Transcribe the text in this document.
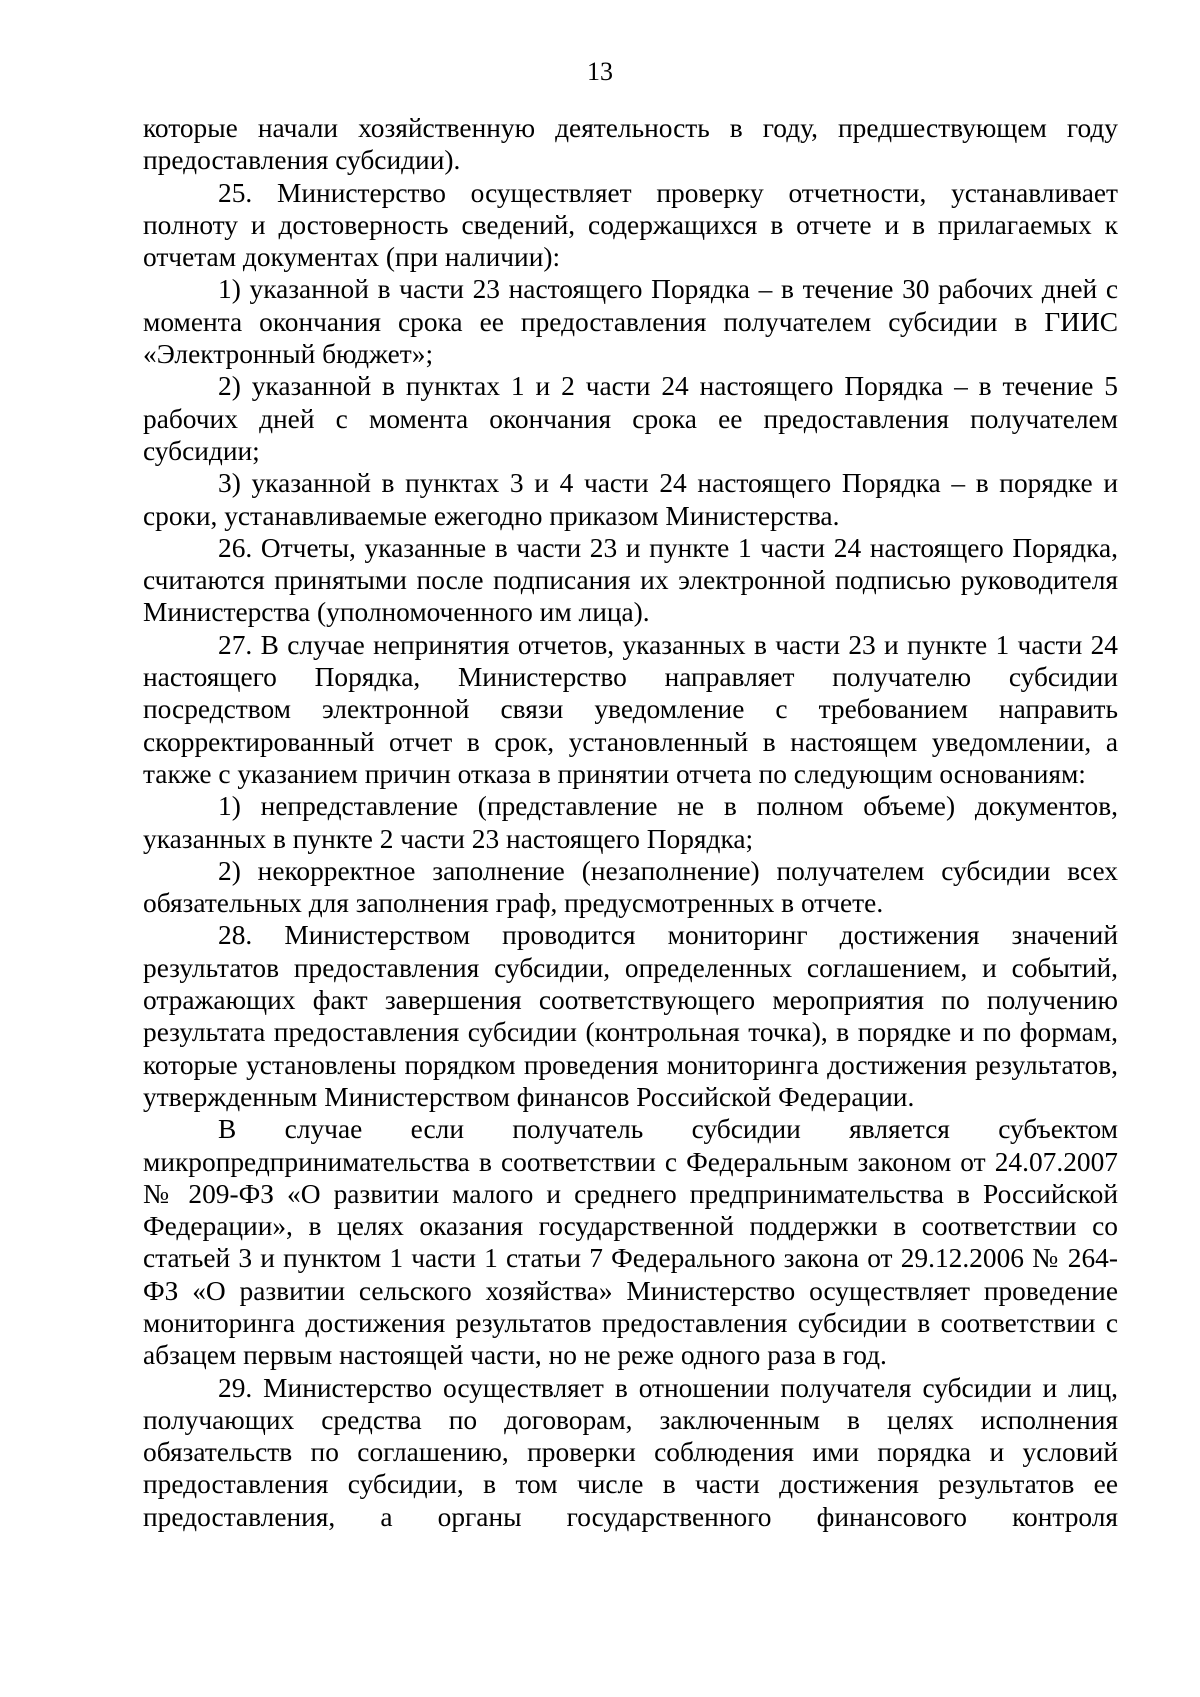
13

которые начали хозяйственную деятельность в году, предшествующем году предоставления субсидии).

25. Министерство осуществляет проверку отчетности, устанавливает полноту и достоверность сведений, содержащихся в отчете и в прилагаемых к отчетам документах (при наличии):

1) указанной в части 23 настоящего Порядка – в течение 30 рабочих дней с момента окончания срока ее предоставления получателем субсидии в ГИИС «Электронный бюджет»;

2) указанной в пунктах 1 и 2 части 24 настоящего Порядка – в течение 5 рабочих дней с момента окончания срока ее предоставления получателем субсидии;

3) указанной в пунктах 3 и 4 части 24 настоящего Порядка – в порядке и сроки, устанавливаемые ежегодно приказом Министерства.

26. Отчеты, указанные в части 23 и пункте 1 части 24 настоящего Порядка, считаются принятыми после подписания их электронной подписью руководителя Министерства (уполномоченного им лица).

27. В случае непринятия отчетов, указанных в части 23 и пункте 1 части 24 настоящего Порядка, Министерство направляет получателю субсидии посредством электронной связи уведомление с требованием направить скорректированный отчет в срок, установленный в настоящем уведомлении, а также с указанием причин отказа в принятии отчета по следующим основаниям:

1) непредставление (представление не в полном объеме) документов, указанных в пункте 2 части 23 настоящего Порядка;

2) некорректное заполнение (незаполнение) получателем субсидии всех обязательных для заполнения граф, предусмотренных в отчете.

28. Министерством проводится мониторинг достижения значений результатов предоставления субсидии, определенных соглашением, и событий, отражающих факт завершения соответствующего мероприятия по получению результата предоставления субсидии (контрольная точка), в порядке и по формам, которые установлены порядком проведения мониторинга достижения результатов, утвержденным Министерством финансов Российской Федерации.

В случае если получатель субсидии является субъектом микропредпринимательства в соответствии с Федеральным законом от 24.07.2007 № 209-ФЗ «О развитии малого и среднего предпринимательства в Российской Федерации», в целях оказания государственной поддержки в соответствии со статьей 3 и пунктом 1 части 1 статьи 7 Федерального закона от 29.12.2006 № 264-ФЗ «О развитии сельского хозяйства» Министерство осуществляет проведение мониторинга достижения результатов предоставления субсидии в соответствии с абзацем первым настоящей части, но не реже одного раза в год.

29. Министерство осуществляет в отношении получателя субсидии и лиц, получающих средства по договорам, заключенным в целях исполнения обязательств по соглашению, проверки соблюдения ими порядка и условий предоставления субсидии, в том числе в части достижения результатов ее предоставления, а органы государственного финансового контроля
